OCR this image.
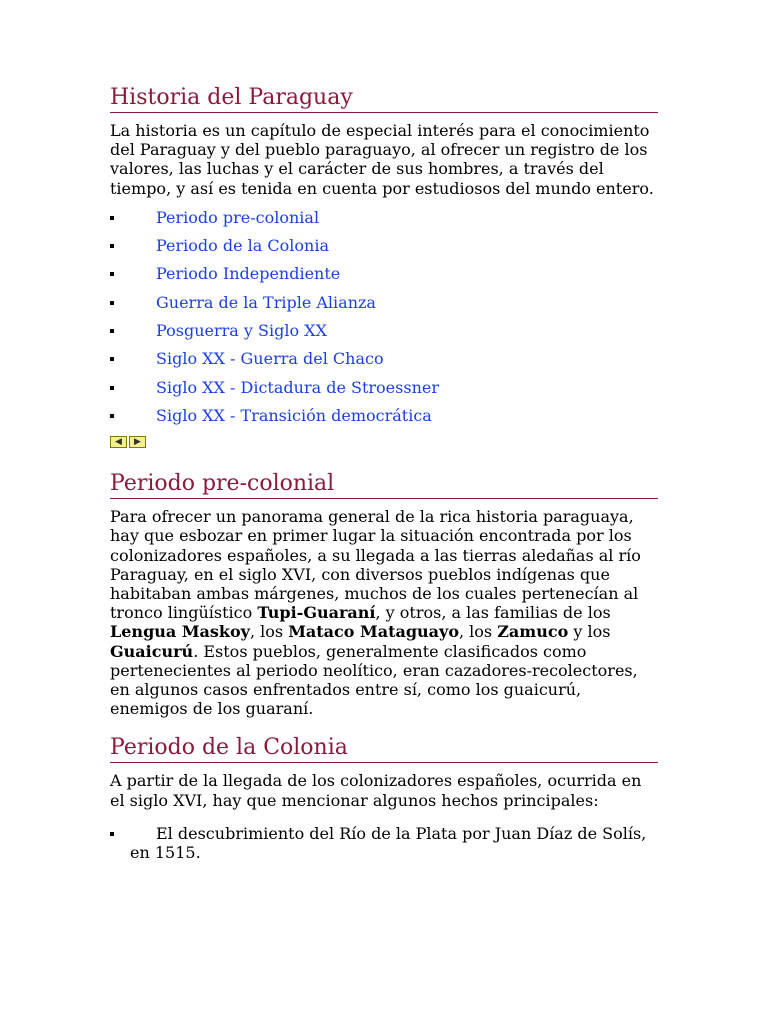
Historia del Paraguay

La historia es un capítulo de especial interés para el conocimiento del Paraguay y del pueblo paraguayo, al ofrecer un registro de los valores, las luchas y el carácter de sus hombres, a través del tiempo, y así es tenida en cuenta por estudiosos del mundo entero.

Periodo pre-colonial
Periodo de la Colonia
Periodo Independiente
Guerra de la Triple Alianza
Posguerra y Siglo XX
Siglo XX - Guerra del Chaco
Siglo XX - Dictadura de Stroessner
Siglo XX - Transición democrática
◀	▶
Periodo pre-colonial

Para ofrecer un panorama general de la rica historia paraguaya, hay que esbozar en primer lugar la situación encontrada por los colonizadores españoles, a su llegada a las tierras aledañas al río Paraguay, en el siglo XVI, con diversos pueblos indígenas que habitaban ambas márgenes, muchos de los cuales pertenecían al tronco lingüístico Tupi-Guaraní, y otros, a las familias de los Lengua Maskoy, los Mataco Mataguayo, los Zamuco y los Guaicurú. Estos pueblos, generalmente clasificados como pertenecientes al periodo neolítico, eran cazadores-recolectores, en algunos casos enfrentados entre sí, como los guaicurú, enemigos de los guaraní.

Periodo de la Colonia

A partir de la llegada de los colonizadores españoles, ocurrida en el siglo XVI, hay que mencionar algunos hechos principales:

El descubrimiento del Río de la Plata por Juan Díaz de Solís, en 1515.
